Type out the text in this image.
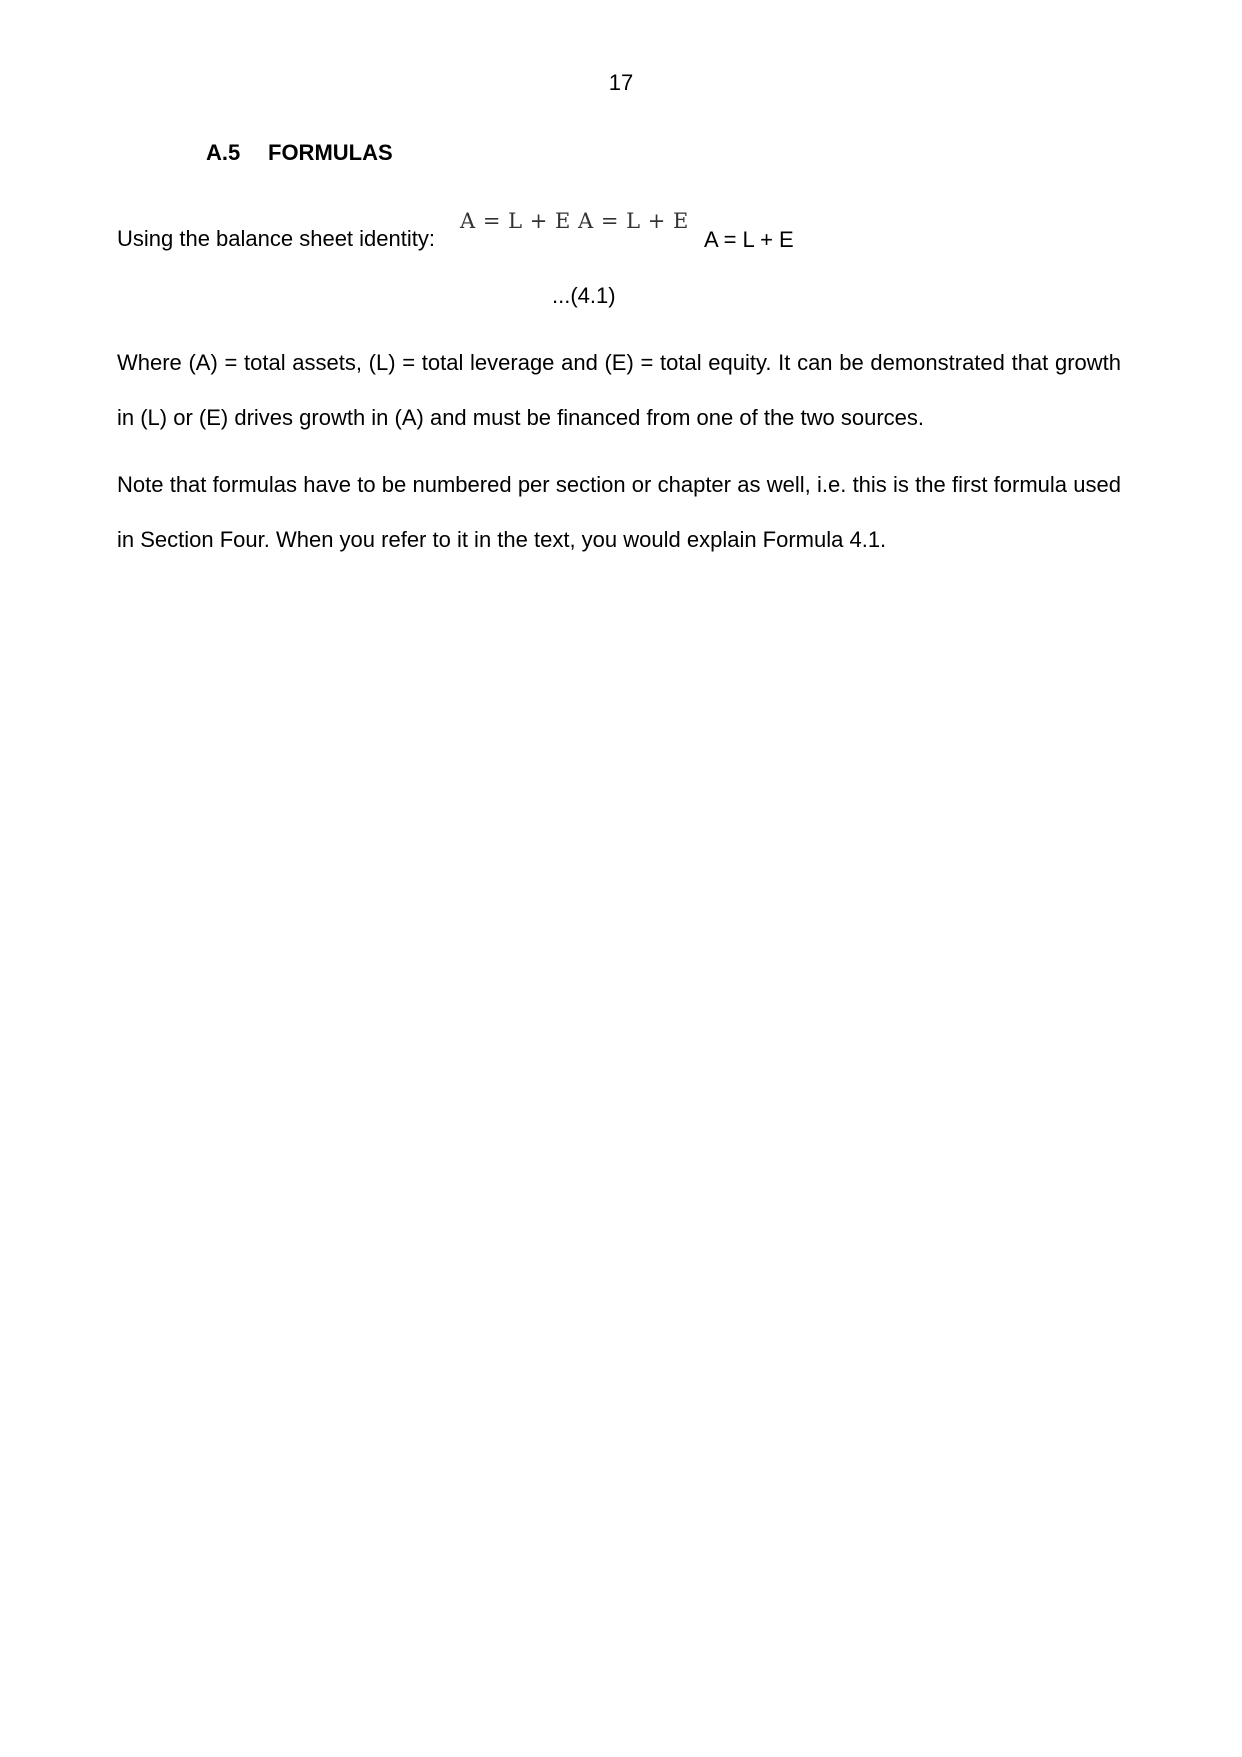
17
A.5 FORMULAS
Using the balance sheet identity:
A = L + E A = L + E
A = L + E
...(4.1)

Where (A) = total assets, (L) = total leverage and (E) = total equity. It can be demonstrated that growth in (L) or (E) drives growth in (A) and must be financed from one of the two sources.

Note that formulas have to be numbered per section or chapter as well, i.e. this is the first formula used in Section Four. When you refer to it in the text, you would explain Formula 4.1.
